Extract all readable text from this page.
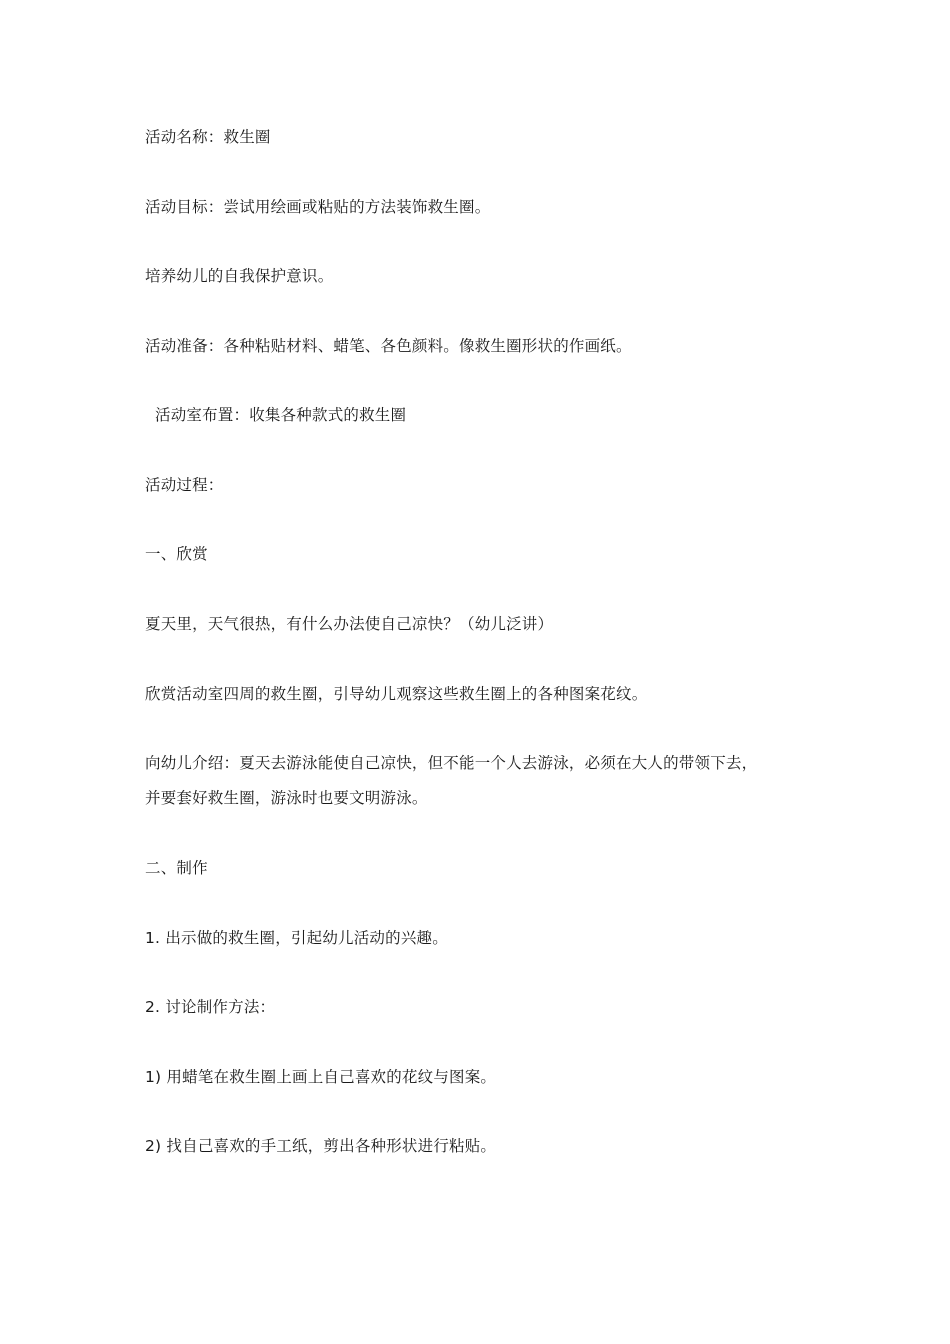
活动名称：救生圈
活动目标：尝试用绘画或粘贴的方法装饰救生圈。
培养幼儿的自我保护意识。
活动准备：各种粘贴材料、蜡笔、各色颜料。像救生圈形状的作画纸。
活动室布置：收集各种款式的救生圈
活动过程：
一、欣赏
夏天里，天气很热，有什么办法使自己凉快？（幼儿泛讲）
欣赏活动室四周的救生圈，引导幼儿观察这些救生圈上的各种图案花纹。
向幼儿介绍：夏天去游泳能使自己凉快，但不能一个人去游泳，必须在大人的带领下去，
并要套好救生圈，游泳时也要文明游泳。
二、制作
1. 出示做的救生圈，引起幼儿活动的兴趣。
2. 讨论制作方法：
1) 用蜡笔在救生圈上画上自己喜欢的花纹与图案。
2) 找自己喜欢的手工纸，剪出各种形状进行粘贴。
